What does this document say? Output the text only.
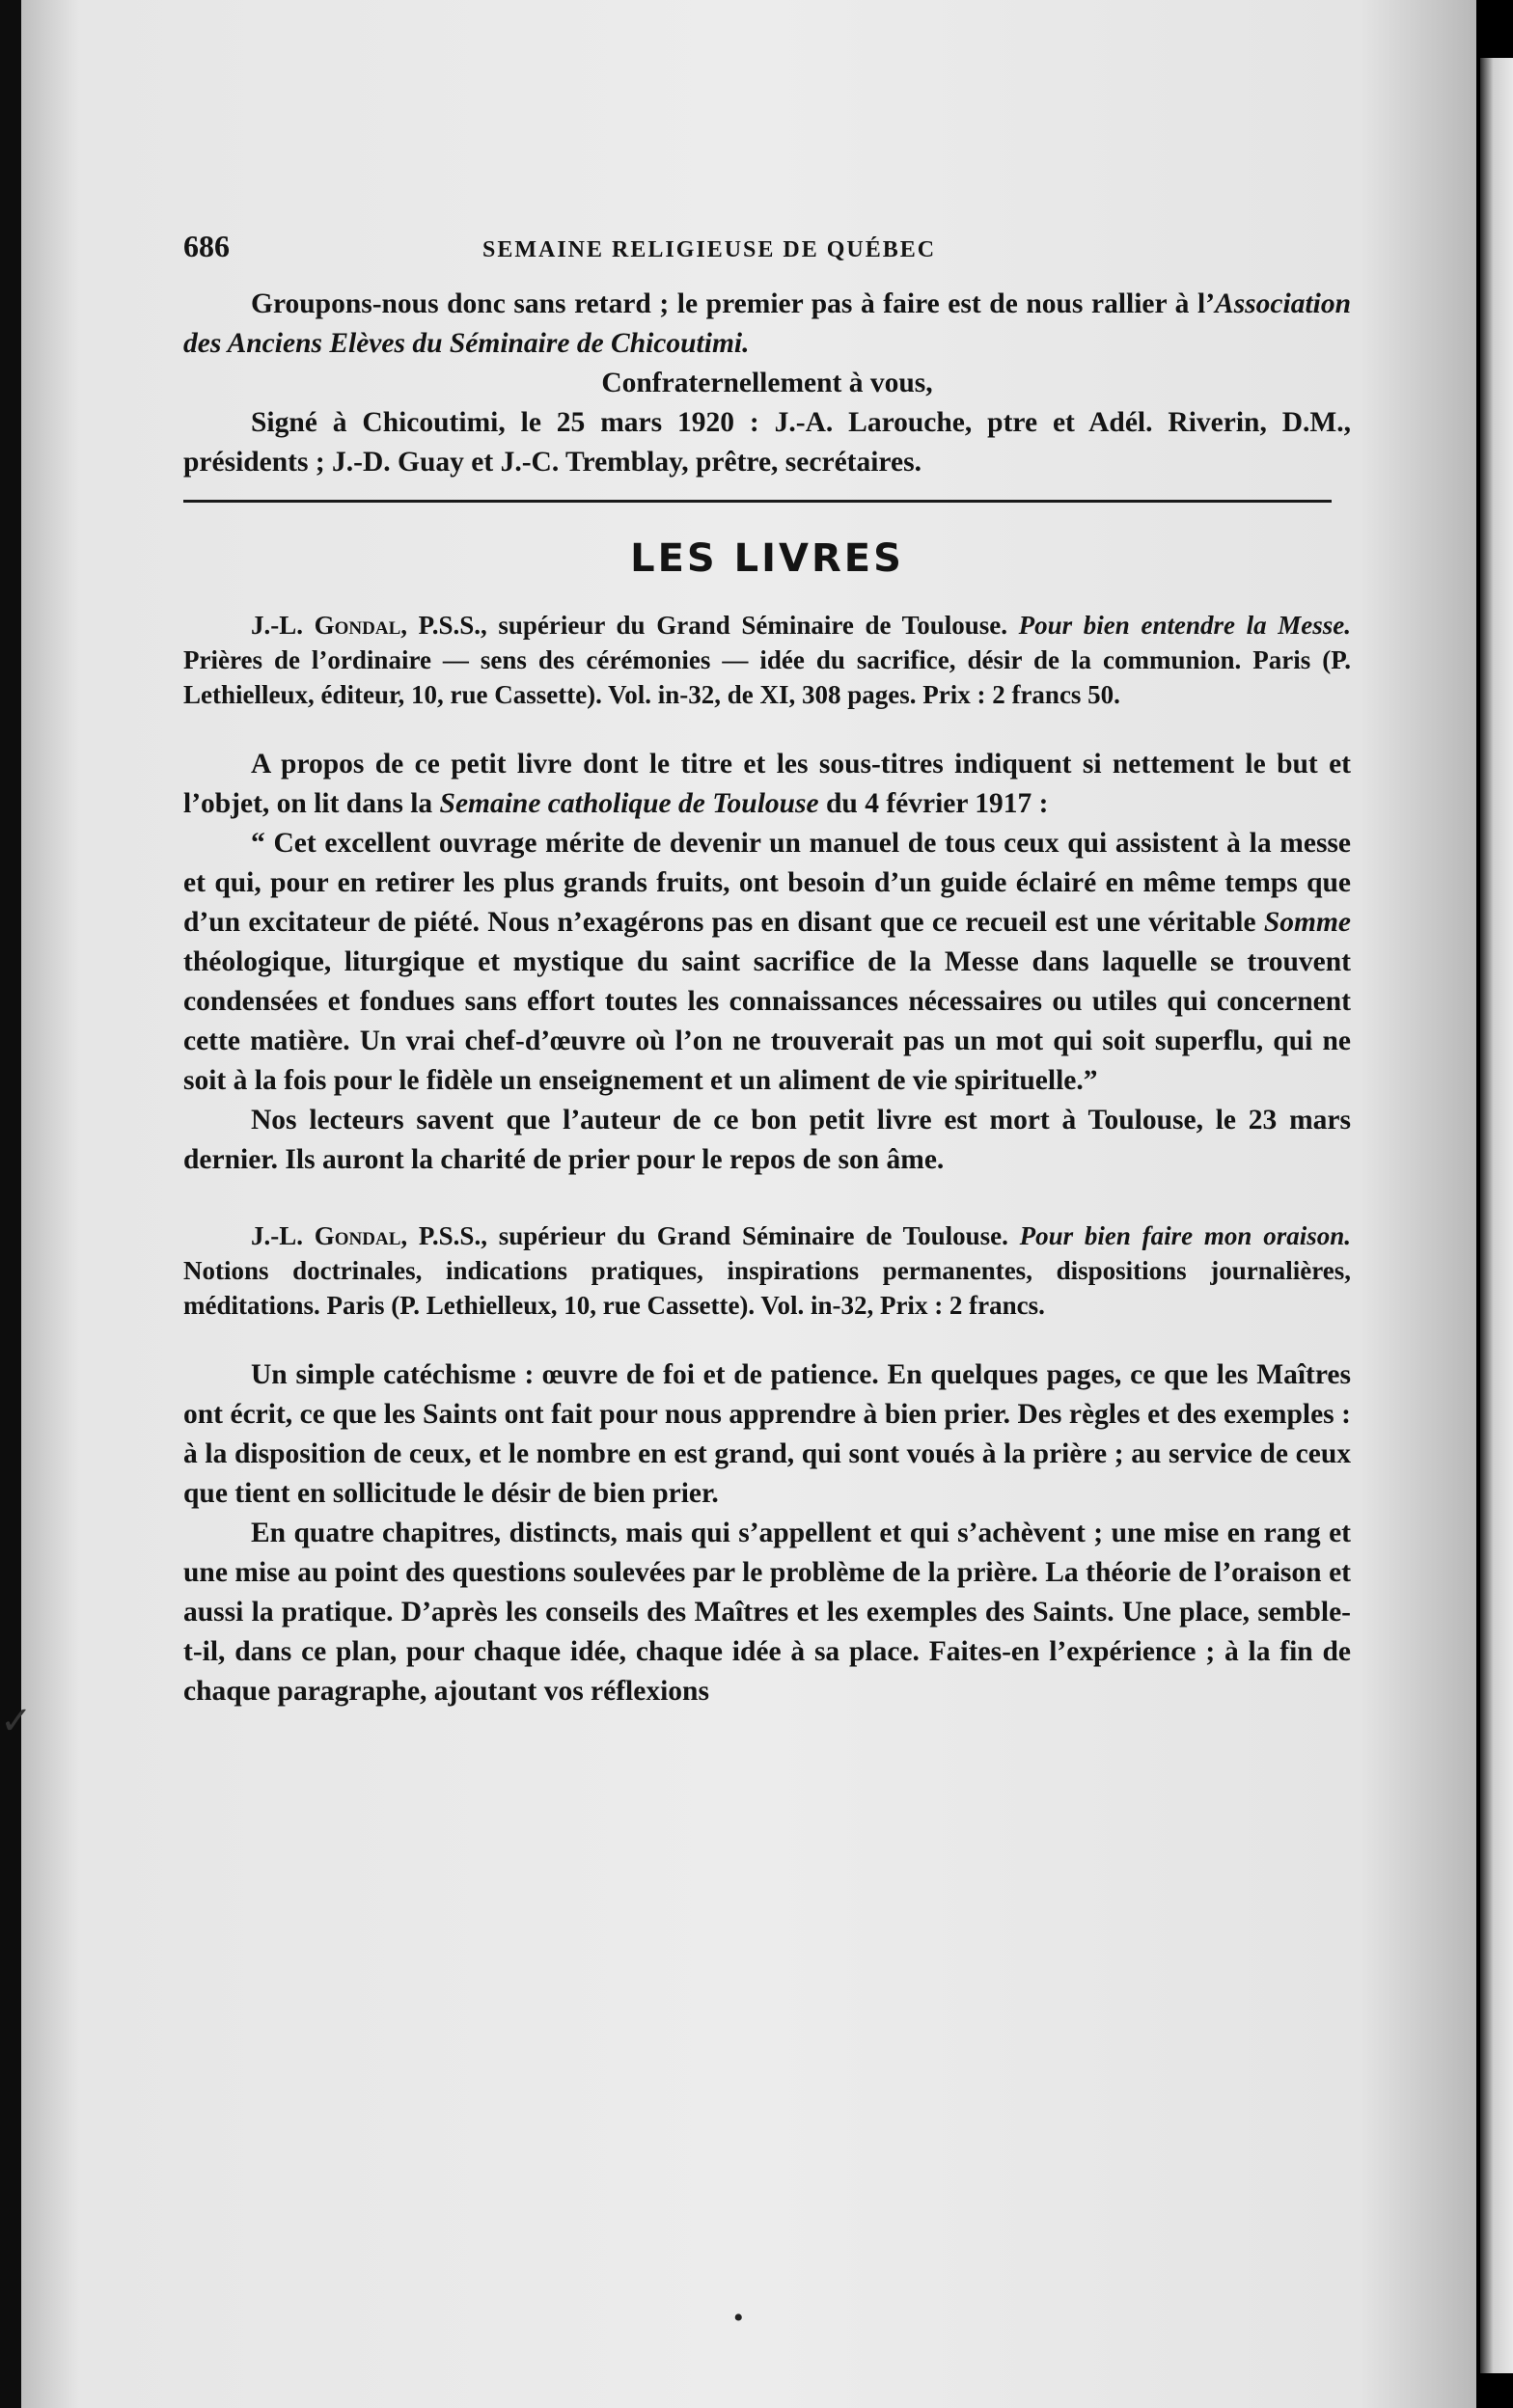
686	SEMAINE RELIGIEUSE DE QUÉBEC

Groupons-nous donc sans retard ; le premier pas à faire est de nous rallier à l’Association des Anciens Elèves du Séminaire de Chicoutimi.

Confraternellement à vous,

Signé à Chicoutimi, le 25 mars 1920 : J.-A. Larouche, ptre et Adél. Riverin, D.M., présidents ; J.-D. Guay et J.-C. Tremblay, prêtre, secrétaires.

LES LIVRES

J.-L. Gondal, P.S.S., supérieur du Grand Séminaire de Toulouse. Pour bien entendre la Messe. Prières de l’ordinaire — sens des cérémonies — idée du sacrifice, désir de la communion. Paris (P. Lethielleux, éditeur, 10, rue Cassette). Vol. in-32, de XI, 308 pages. Prix : 2 francs 50.

A propos de ce petit livre dont le titre et les sous-titres indiquent si nettement le but et l’objet, on lit dans la Semaine catholique de Toulouse du 4 février 1917 :

“ Cet excellent ouvrage mérite de devenir un manuel de tous ceux qui assistent à la messe et qui, pour en retirer les plus grands fruits, ont besoin d’un guide éclairé en même temps que d’un excitateur de piété. Nous n’exagérons pas en disant que ce recueil est une véritable Somme théologique, liturgique et mystique du saint sacrifice de la Messe dans laquelle se trouvent condensées et fondues sans effort toutes les connaissances nécessaires ou utiles qui concernent cette matière. Un vrai chef-d’œuvre où l’on ne trouverait pas un mot qui soit superflu, qui ne soit à la fois pour le fidèle un enseignement et un aliment de vie spirituelle.”

Nos lecteurs savent que l’auteur de ce bon petit livre est mort à Toulouse, le 23 mars dernier. Ils auront la charité de prier pour le repos de son âme.

J.-L. Gondal, P.S.S., supérieur du Grand Séminaire de Toulouse. Pour bien faire mon oraison. Notions doctrinales, indications pratiques, inspirations permanentes, dispositions journalières, méditations. Paris (P. Lethielleux, 10, rue Cassette). Vol. in-32, Prix : 2 francs.

Un simple catéchisme : œuvre de foi et de patience. En quelques pages, ce que les Maîtres ont écrit, ce que les Saints ont fait pour nous apprendre à bien prier. Des règles et des exemples : à la disposition de ceux, et le nombre en est grand, qui sont voués à la prière ; au service de ceux que tient en sollicitude le désir de bien prier.

En quatre chapitres, distincts, mais qui s’appellent et qui s’achèvent ; une mise en rang et une mise au point des questions soulevées par le problème de la prière. La théorie de l’oraison et aussi la pratique. D’après les conseils des Maîtres et les exemples des Saints. Une place, semble-t-il, dans ce plan, pour chaque idée, chaque idée à sa place. Faites-en l’expérience ; à la fin de chaque paragraphe, ajoutant vos réflexions

✓
•
